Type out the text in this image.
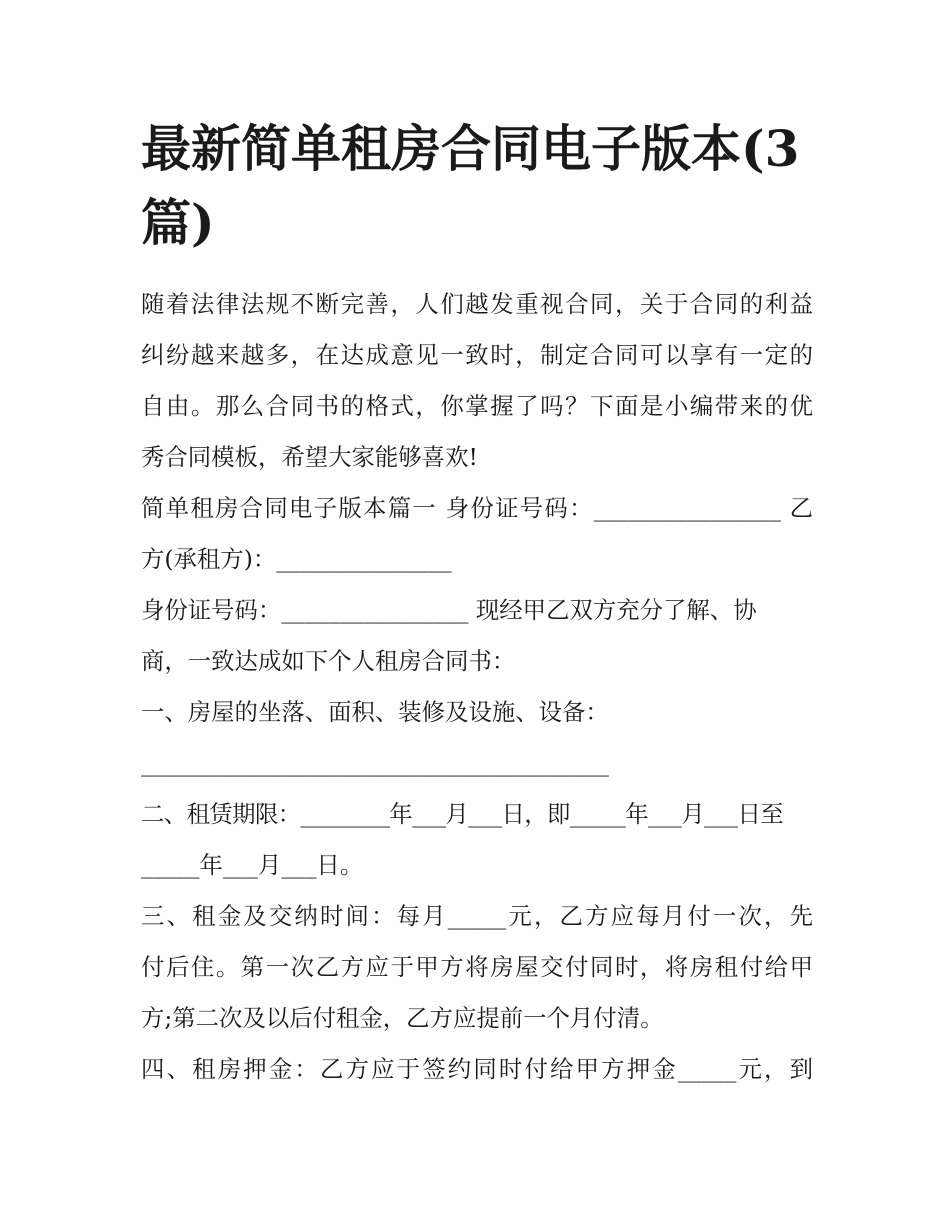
最新简单租房合同电子版本(3
篇)
随着法律法规不断完善，人们越发重视合同，关于合同的利益
纠纷越来越多，在达成意见一致时，制定合同可以享有一定的
自由。那么合同书的格式，你掌握了吗？下面是小编带来的优
秀合同模板，希望大家能够喜欢!
简单租房合同电子版本篇一 身份证号码：________________ 乙
方(承租方)：_______________
身份证号码：________________ 现经甲乙双方充分了解、协
商，一致达成如下个人租房合同书：
一、房屋的坐落、面积、装修及设施、设备：
________________________________________
二、租赁期限：________年___月___日，即_____年___月___日至
_____年___月___日。
三、租金及交纳时间：每月_____元，乙方应每月付一次，先
付后住。第一次乙方应于甲方将房屋交付同时，将房租付给甲
方;第二次及以后付租金，乙方应提前一个月付清。
四、租房押金：乙方应于签约同时付给甲方押金_____元，到
